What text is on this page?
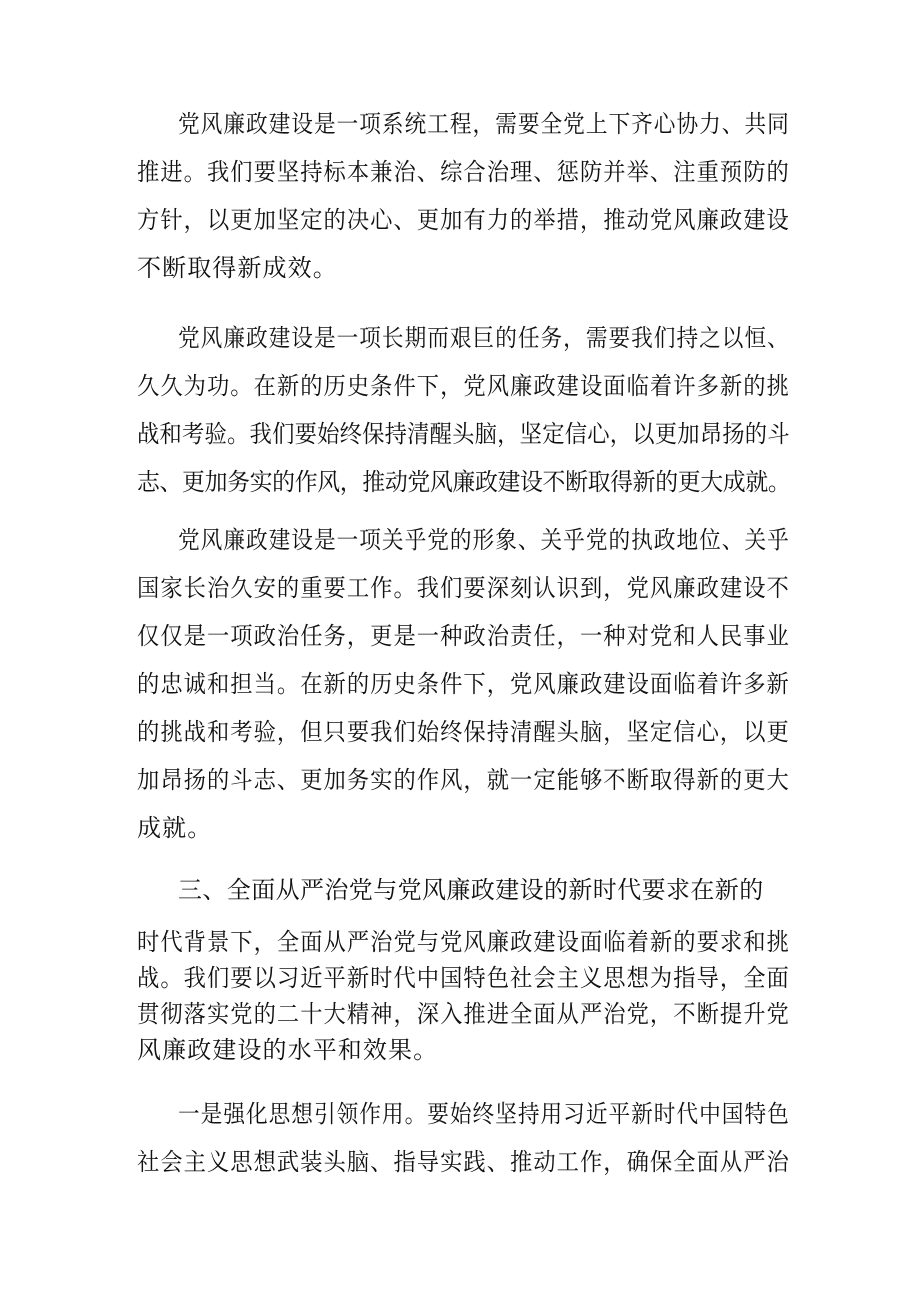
党风廉政建设是一项系统工程，需要全党上下齐心协力、共同
推进。我们要坚持标本兼治、综合治理、惩防并举、注重预防的
方针，以更加坚定的决心、更加有力的举措，推动党风廉政建设
不断取得新成效。
党风廉政建设是一项长期而艰巨的任务，需要我们持之以恒、
久久为功。在新的历史条件下，党风廉政建设面临着许多新的挑
战和考验。我们要始终保持清醒头脑，坚定信心，以更加昂扬的斗
志、更加务实的作风，推动党风廉政建设不断取得新的更大成就。
党风廉政建设是一项关乎党的形象、关乎党的执政地位、关乎
国家长治久安的重要工作。我们要深刻认识到，党风廉政建设不
仅仅是一项政治任务，更是一种政治责任，一种对党和人民事业
的忠诚和担当。在新的历史条件下，党风廉政建设面临着许多新
的挑战和考验，但只要我们始终保持清醒头脑，坚定信心，以更
加昂扬的斗志、更加务实的作风，就一定能够不断取得新的更大
成就。
三、全面从严治党与党风廉政建设的新时代要求在新的
时代背景下，全面从严治党与党风廉政建设面临着新的要求和挑
战。我们要以习近平新时代中国特色社会主义思想为指导，全面
贯彻落实党的二十大精神，深入推进全面从严治党，不断提升党
风廉政建设的水平和效果。
一是强化思想引领作用。要始终坚持用习近平新时代中国特色
社会主义思想武装头脑、指导实践、推动工作，确保全面从严治
